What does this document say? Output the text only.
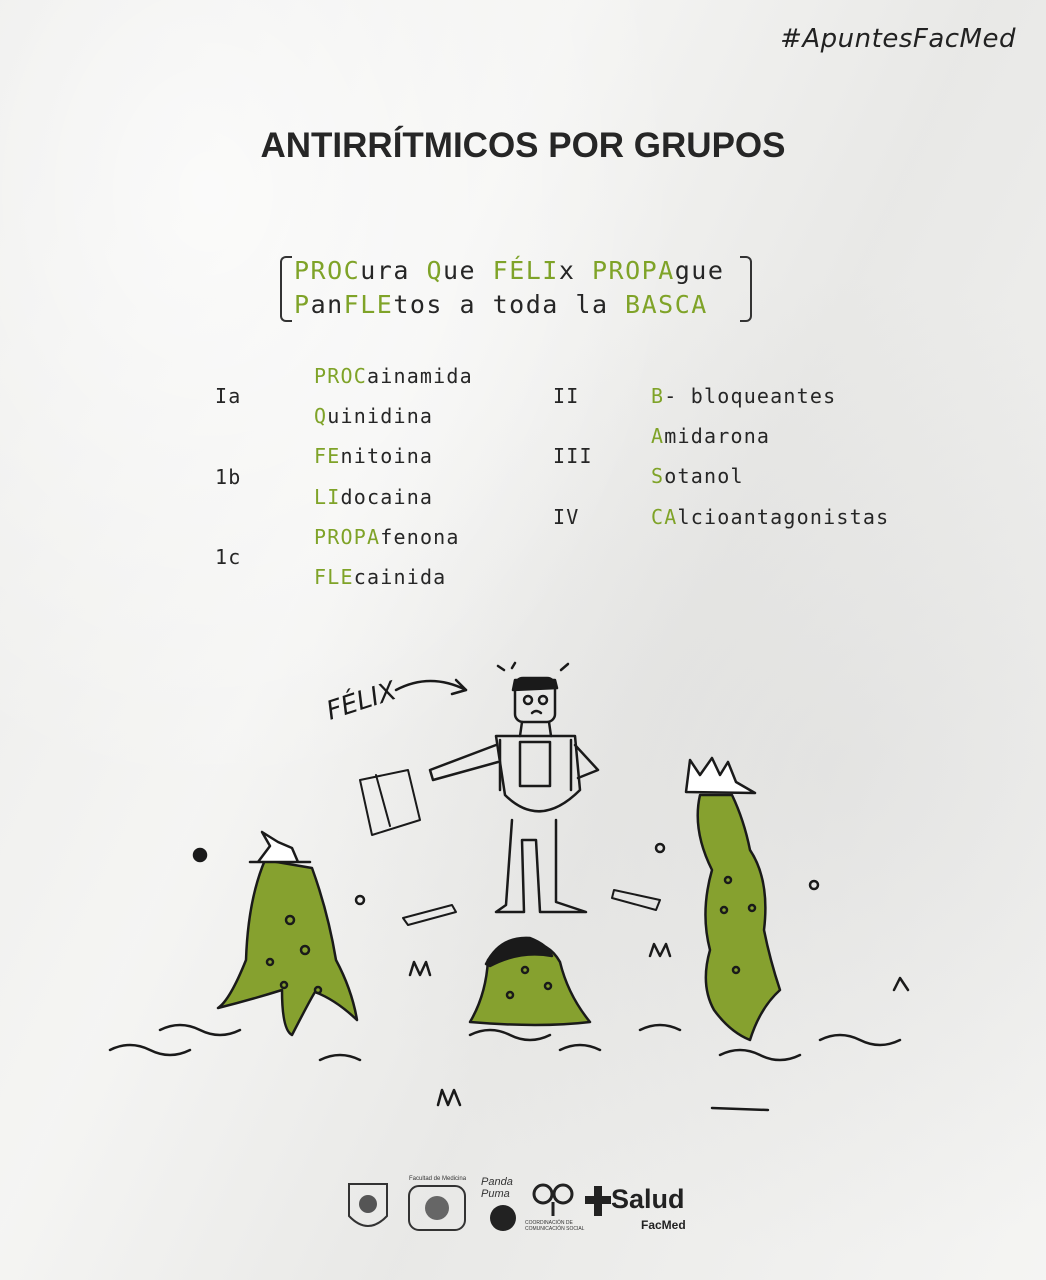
#ApuntesFacMed
ANTIRRÍTMICOS POR GRUPOS
PROCura Que FÉLIx PROPAgue
PanFLEtos a toda la BASCA
Ia
1b
1c
PROCainamida
Quinidina
FEnitoina
LIdocaina
PROPAfenona
FLEcainida
II
III
IV
B- bloqueantes
Amidarona
Sotanol
CAlcioantagonistas
FÉLIX
Facultad de Medicina Panda Puma
COORDINACIÓN DE COMUNICACIÓN SOCIAL
Salud
FacMed
